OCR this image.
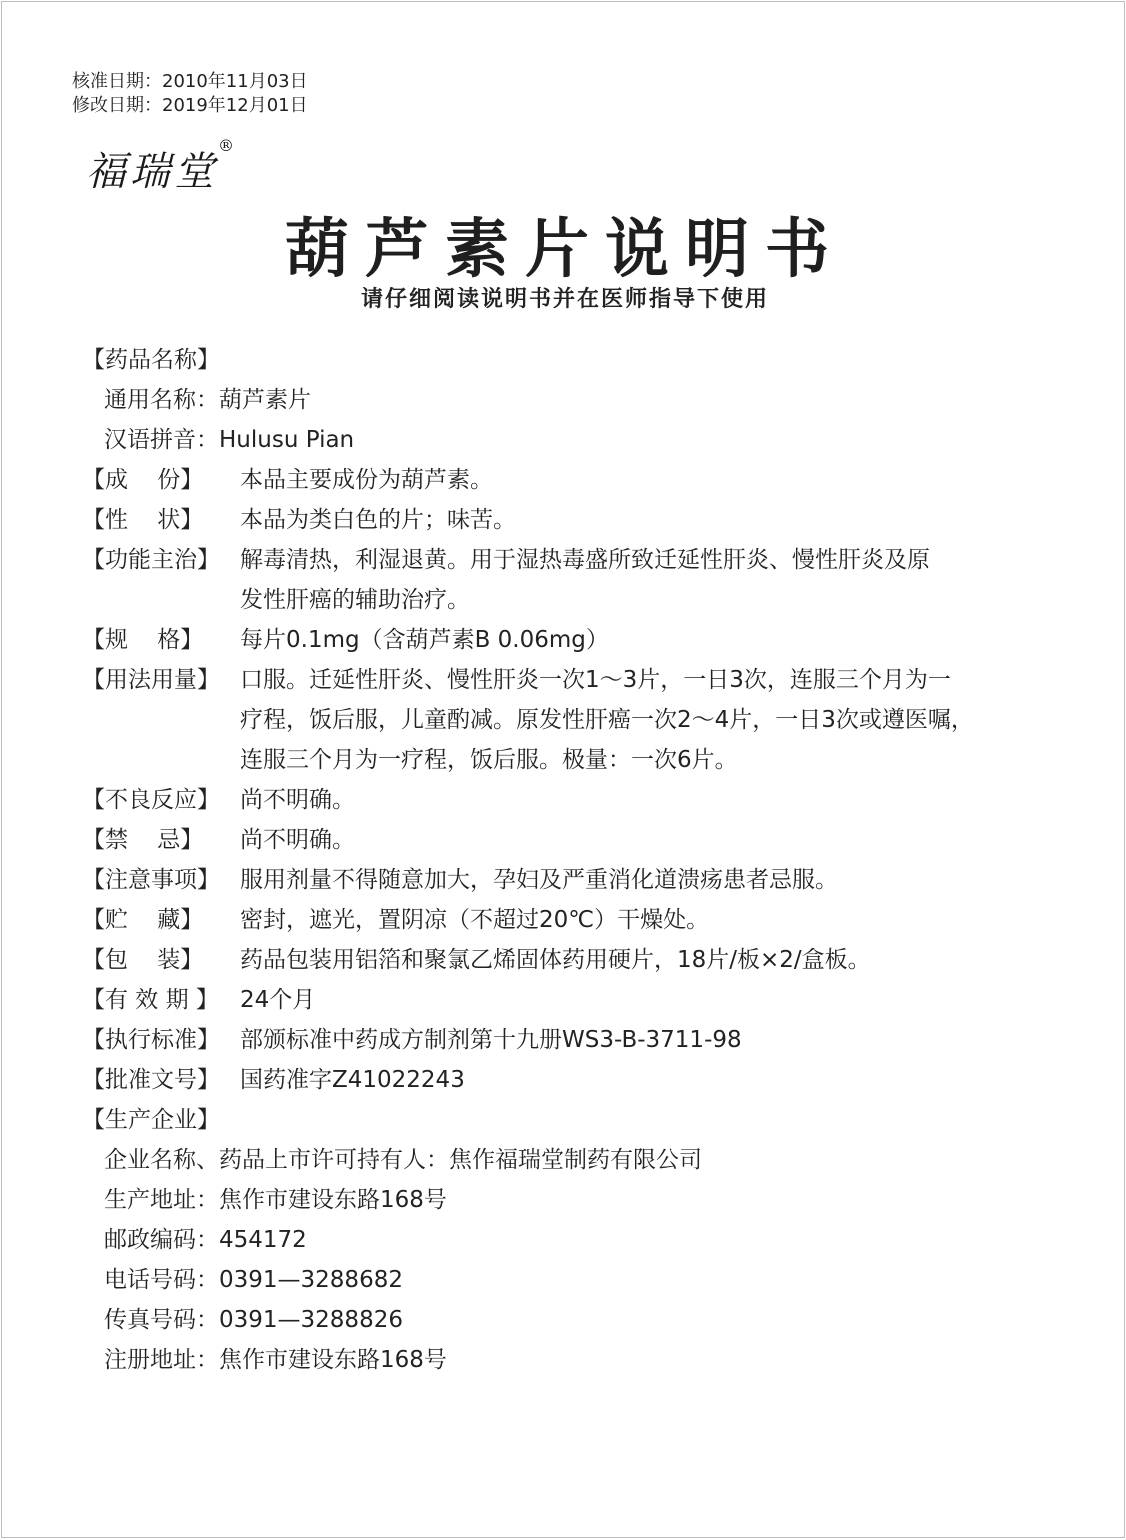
核准日期：2010年11月03日
修改日期：2019年12月01日
福瑞堂®
葫芦素片说明书
请仔细阅读说明书并在医师指导下使用
【药品名称】
通用名称：葫芦素片
汉语拼音：Hulusu Pian
【成    份】	本品主要成份为葫芦素。
【性    状】	本品为类白色的片；味苦。
【功能主治】 解毒清热，利湿退黄。用于湿热毒盛所致迁延性肝炎、慢性肝炎及原
发性肝癌的辅助治疗。
【规    格】	每片0.1mg（含葫芦素B 0.06mg）
【用法用量】 口服。迁延性肝炎、慢性肝炎一次1～3片，一日3次，连服三个月为一
疗程，饭后服，儿童酌减。原发性肝癌一次2～4片，一日3次或遵医嘱，
连服三个月为一疗程，饭后服。极量：一次6片。
【不良反应】 尚不明确。
【禁    忌】	尚不明确。
【注意事项】 服用剂量不得随意加大，孕妇及严重消化道溃疡患者忌服。
【贮    藏】	密封，遮光，置阴凉（不超过20℃）干燥处。
【包    装】	药品包装用铝箔和聚氯乙烯固体药用硬片，18片/板×2/盒板。
【有 效 期 】 24个月
【执行标准】 部颁标准中药成方制剂第十九册WS3-B-3711-98
【批准文号】 国药准字Z41022243
【生产企业】
企业名称、药品上市许可持有人：焦作福瑞堂制药有限公司
生产地址：焦作市建设东路168号
邮政编码：454172
电话号码：0391—3288682
传真号码：0391—3288826
注册地址：焦作市建设东路168号
